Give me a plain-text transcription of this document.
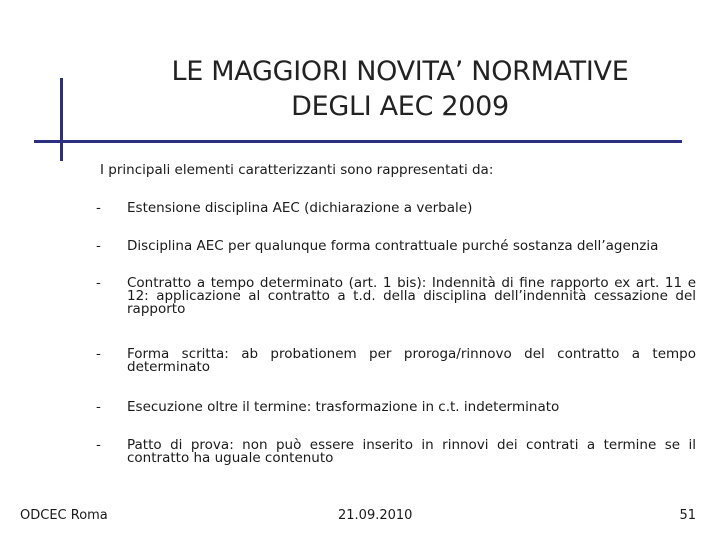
LE MAGGIORI NOVITA’ NORMATIVE
DEGLI AEC 2009
I principali elementi caratterizzanti sono rappresentati da:
-	Estensione disciplina AEC (dichiarazione a verbale)
-	Disciplina AEC per qualunque forma contrattuale purché sostanza dell’agenzia
-	Contratto a tempo determinato (art. 1 bis): Indennità di fine rapporto ex art. 11 e 12: applicazione al contratto a t.d. della disciplina dell’indennità cessazione del rapporto
-	Forma scritta: ab probationem per proroga/rinnovo del contratto a tempo determinato
-	Esecuzione oltre il termine: trasformazione in c.t. indeterminato
-	Patto di prova: non può essere inserito in rinnovi dei contrati a termine se il contratto ha uguale contenuto
ODCEC Roma	21.09.2010	51
